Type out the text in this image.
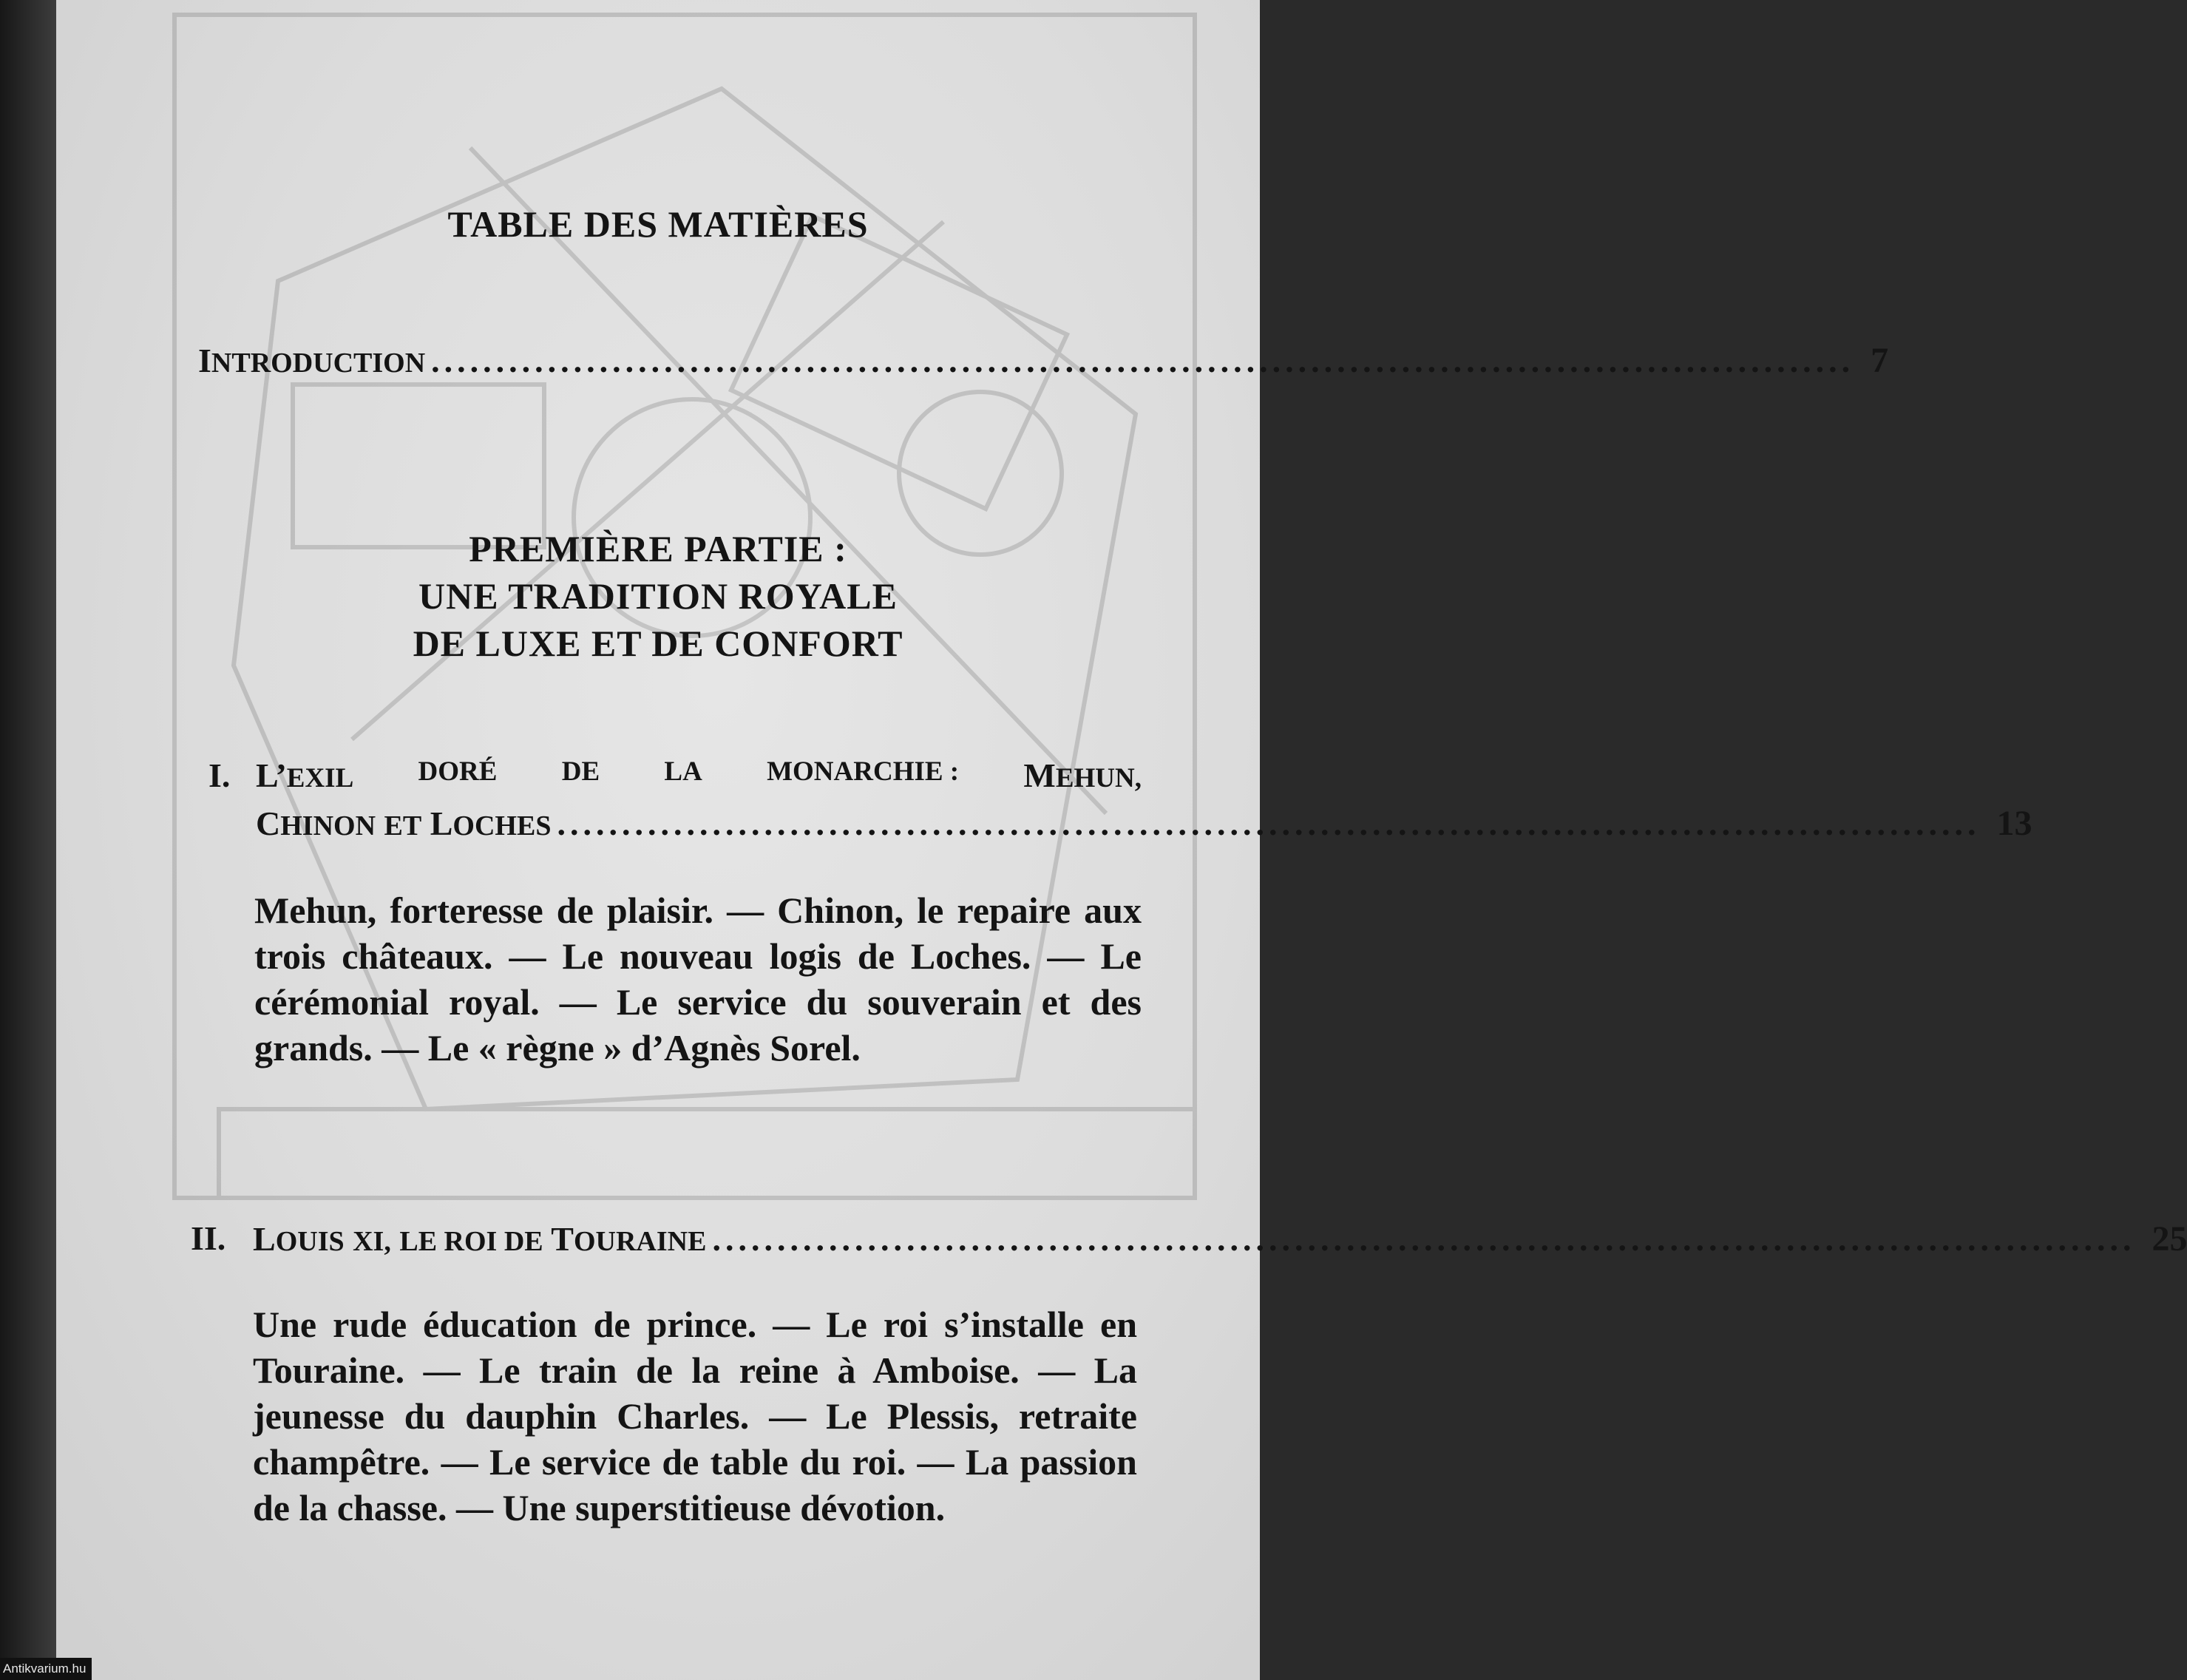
TABLE DES MATIÈRES
INTRODUCTION .............................................................................................................. 7
PREMIÈRE PARTIE :
UNE TRADITION ROYALE
DE LUXE ET DE CONFORT
I. L’EXIL DORÉ DE LA MONARCHIE : MEHUN,
CHINON ET LOCHES .............................................................................................................. 13

Mehun, forteresse de plaisir. — Chinon, le repaire aux trois châteaux. — Le nouveau logis de Loches. — Le cérémonial royal. — Le service du souverain et des grands. — Le « règne » d’Agnès Sorel.

II. LOUIS XI, LE ROI DE TOURAINE .............................................................................................................. 25

Une rude éducation de prince. — Le roi s’installe en Touraine. — Le train de la reine à Amboise. — La jeunesse du dauphin Charles. — Le Plessis, retraite champêtre. — Le service de table du roi. — La passion de la chasse. — Une superstitieuse dévotion.

Antikvarium.hu
